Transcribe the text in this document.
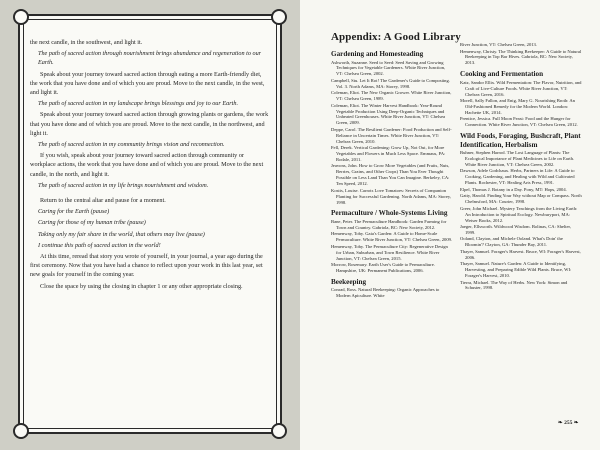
the next candle, in the southwest, and light it.

The path of sacred action through nourishment brings abundance and regeneration to our Earth.

Speak about your journey toward sacred action through eating a more Earth-friendly diet, the work that you have done and of which you are proud. Move to the next candle, in the west, and light it.

The path of sacred action in my landscape brings blessings and joy to our Earth.

Speak about your journey toward sacred action through growing plants or gardens, the work that you have done and of which you are proud. Move to the next candle, in the northwest, and light it.

The path of sacred action in my community brings vision and reconnection.

If you wish, speak about your journey toward sacred action through community or workplace actions, the work that you have done and of which you are proud. Move to the next candle, in the north, and light it.

The path of sacred action in my life brings nourishment and wisdom.

Return to the central altar and pause for a moment.

Caring for the Earth (pause)

Caring for those of my human tribe (pause)

Taking only my fair share in the world, that others may live (pause)

I continue this path of sacred action in the world!

At this time, reread that story you wrote of yourself, in your journal, a year ago during the first ceremony. Now that you have had a chance to reflect upon your work in this last year, set new goals for yourself in the coming year.

Close the space by using the closing in chapter 1 or any other appropriate closing.

Appendix: A Good Library
Gardening and Homesteading
Ashworth, Suzanne. Seed to Seed: Seed Saving and Growing Techniques for Vegetable Gardeners. White River Junction, VT: Chelsea Green, 2002.
Campbell, Stu. Let It Rot! The Gardener's Guide to Composting. Vol. 3. North Adams, MA: Storey, 1998.
Coleman, Eliot. The New Organic Grower. White River Junction, VT: Chelsea Green, 1989.
Coleman, Eliot. The Winter Harvest Handbook: Year-Round Vegetable Production Using Deep-Organic Techniques and Unheated Greenhouses. White River Junction, VT: Chelsea Green, 2009.
Deppe, Carol. The Resilient Gardener: Food Production and Self-Reliance in Uncertain Times. White River Junction, VT: Chelsea Green, 2010.
Fell, Derek. Vertical Gardening: Grow Up, Not Out, for More Vegetables and Flowers in Much Less Space. Emmaus, PA: Rodale, 2011.
Jeavons, John. How to Grow More Vegetables (and Fruits, Nuts, Berries, Grains, and Other Crops) Than You Ever Thought Possible on Less Land Than You Can Imagine. Berkeley, CA: Ten Speed, 2012.
Kostts, Louise. Carrots Love Tomatoes: Secrets of Companion Planting for Successful Gardening. North Adams, MA: Storey, 1998.
Permaculture / Whole-Systems Living
Bane, Peter. The Permaculture Handbook: Garden Farming for Town and Country. Gabriola, BC: New Society, 2012.
Hemenway, Toby. Gaia's Garden: A Guide to Home-Scale Permaculture. White River Junction, VT: Chelsea Green, 2009.
Hemenway, Toby. The Permaculture City: Regenerative Design for Urban, Suburban, and Town Resilience. White River Junction, VT: Chelsea Green, 2015.
Morrow, Rosemary. Earth User's Guide to Permaculture. Hampshire, UK: Permanent Publications, 2006.
Beekeeping
Conrad, Ross. Natural Beekeeping: Organic Approaches to Modern Apiculture. White
River Junction, VT: Chelsea Green, 2013.
Hemenway, Christy. The Thinking Beekeeper: A Guide to Natural Beekeeping in Top Bar Hives. Gabriola, BC: New Society, 2013.
Cooking and Fermentation
Katz, Sandor Ellix. Wild Fermentation: The Flavor, Nutrition, and Craft of Live-Culture Foods. White River Junction, VT: Chelsea Green, 2016.
Morell, Sally Fallon, and Enig, Mary G. Nourishing Broth: An Old-Fashioned Remedy for the Modern World. London: Hachette UK, 2014.
Prentice, Jessica. Full Moon Feast: Food and the Hunger for Connection. White River Junction, VT: Chelsea Green, 2012.
Wild Foods, Foraging, Bushcraft, Plant Identification, Herbalism
Buhner, Stephen Harrod. The Lost Language of Plants: The Ecological Importance of Plant Medicines to Life on Earth. White River Junction, VT: Chelsea Green, 2002.
Dawson, Adele Godchaux. Herbs, Partners in Life: A Guide to Cooking, Gardening, and Healing with Wild and Cultivated Plants. Rochester, VT: Healing Arts Press, 1991.
Elpel, Thomas J. Botany in a Day. Pony, MT: Hops, 2004.
Gatty, Harold. Finding Your Way without Map or Compass. North Chelmsford, MA: Courier, 1998.
Greer, John Michael. Mystery Teachings from the Living Earth: An Introduction to Spiritual Ecology. Newburyport, MA: Weiser Books, 2012.
Jaeger, Ellsworth. Wildwood Wisdom. Bolinas, CA: Shelter, 1999.
Ooland, Clayton, and Michele Ooland. What's Doin' the Bloomin'? Clayton, GA: Thunder Bay, 2011.
Thayer, Samuel. Forager's Harvest. Bruce, WI: Forager's Harvest, 2006.
Thayer, Samuel. Nature's Garden: A Guide to Identifying, Harvesting, and Preparing Edible Wild Plants. Bruce, WI: Forager's Harvest, 2010.
Tierra, Michael. The Way of Herbs. New York: Simon and Schuster, 1998.
❧ 255 ❧
